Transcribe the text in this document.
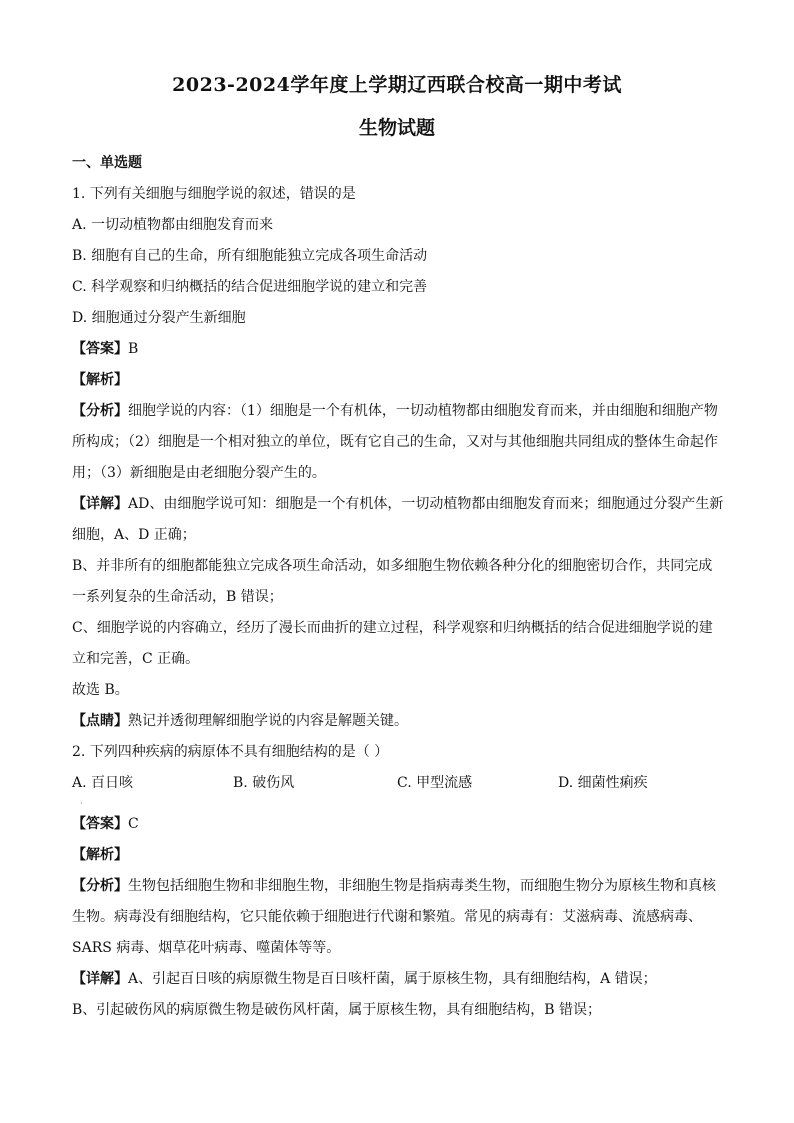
2023-2024学年度上学期辽西联合校高一期中考试
生物试题

一、单选题

1. 下列有关细胞与细胞学说的叙述，错误的是

A. 一切动植物都由细胞发育而来

B. 细胞有自己的生命，所有细胞能独立完成各项生命活动

C. 科学观察和归纳概括的结合促进细胞学说的建立和完善

D. 细胞通过分裂产生新细胞

【答案】B

【解析】

【分析】细胞学说的内容：（1）细胞是一个有机体，一切动植物都由细胞发育而来，并由细胞和细胞产物

所构成；（2）细胞是一个相对独立的单位，既有它自己的生命，又对与其他细胞共同组成的整体生命起作

用；（3）新细胞是由老细胞分裂产生的。

【详解】AD、由细胞学说可知：细胞是一个有机体，一切动植物都由细胞发育而来；细胞通过分裂产生新

细胞，A、D 正确；

B、并非所有的细胞都能独立完成各项生命活动，如多细胞生物依赖各种分化的细胞密切合作，共同完成

一系列复杂的生命活动，B 错误；

C、细胞学说的内容确立，经历了漫长而曲折的建立过程，科学观察和归纳概括的结合促进细胞学说的建

立和完善，C 正确。

故选 B。

【点睛】熟记并透彻理解细胞学说的内容是解题关键。

2. 下列四种疾病的病原体不具有细胞结构的是（ ）

A. 百日咳	B. 破伤风	C. 甲型流感	D. 细菌性痢疾

·

【答案】C

【解析】

【分析】生物包括细胞生物和非细胞生物，非细胞生物是指病毒类生物，而细胞生物分为原核生物和真核

生物。病毒没有细胞结构，它只能依赖于细胞进行代谢和繁殖。常见的病毒有：艾滋病毒、流感病毒、

SARS 病毒、烟草花叶病毒、噬菌体等等。

【详解】A、引起百日咳的病原微生物是百日咳杆菌，属于原核生物，具有细胞结构，A 错误；

B、引起破伤风的病原微生物是破伤风杆菌，属于原核生物，具有细胞结构，B 错误；
